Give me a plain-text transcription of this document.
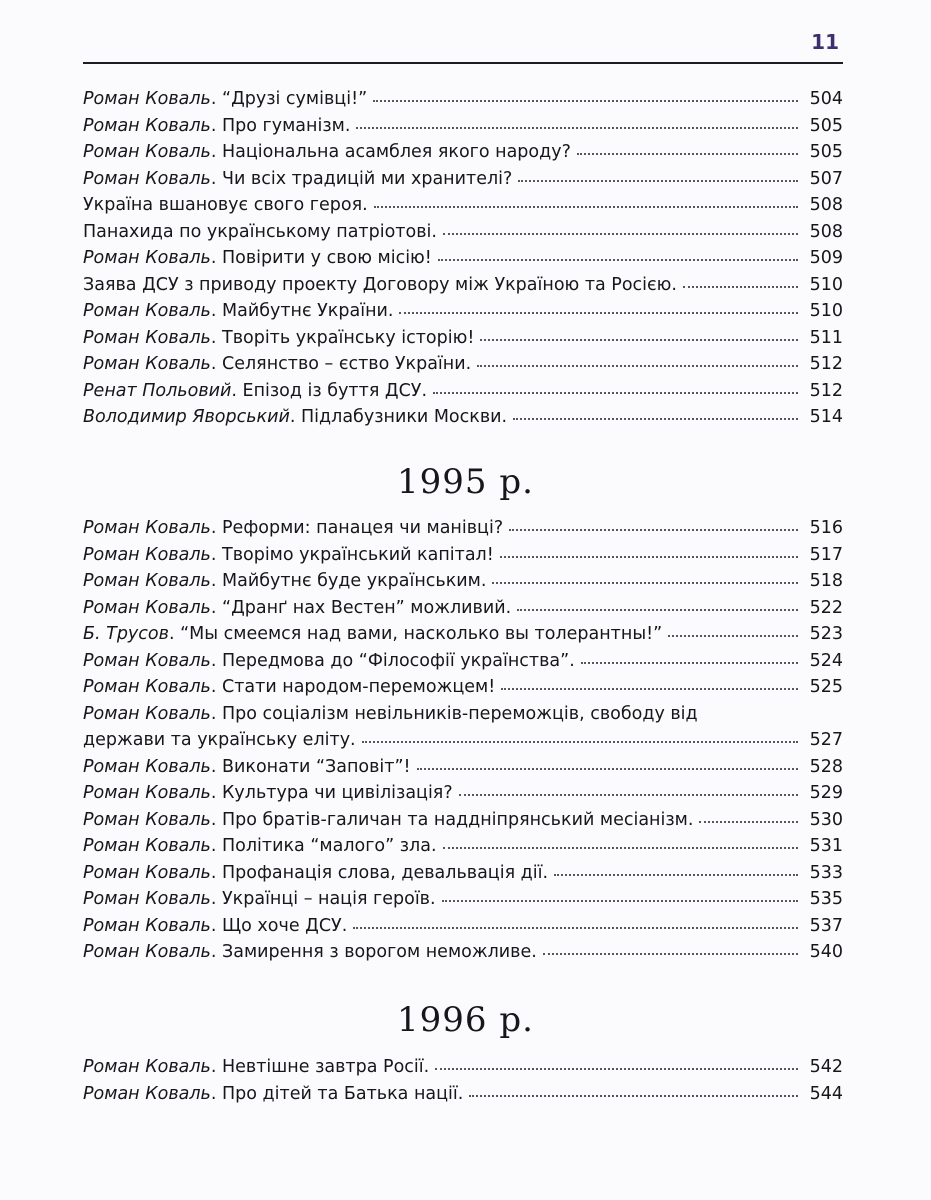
11
Роман Коваль. “Друзі сумівці!”	504
Роман Коваль. Про гуманізм.	505
Роман Коваль. Національна асамблея якого народу?	505
Роман Коваль. Чи всіх традицій ми хранителі?	507
Україна вшановує свого героя.	508
Панахида по українському патріотові.	508
Роман Коваль. Повірити у свою місію!	509
Заява ДСУ з приводу проекту Договору між Україною та Росією.	510
Роман Коваль. Майбутнє України.	510
Роман Коваль. Творіть українську історію!	511
Роман Коваль. Селянство – єство України.	512
Ренат Польовий. Епізод із буття ДСУ.	512
Володимир Яворський. Підлабузники Москви.	514
1995 р.
Роман Коваль. Реформи: панацея чи манівці?	516
Роман Коваль. Творімо український капітал!	517
Роман Коваль. Майбутнє буде українським.	518
Роман Коваль. “Дранґ нах Вестен” можливий.	522
Б. Трусов. “Мы смеемся над вами, насколько вы толерантны!”	523
Роман Коваль. Передмова до “Філософії українства”.	524
Роман Коваль. Стати народом-переможцем!	525
Роман Коваль. Про соціалізм невільників-переможців, свободу від
держави та українську еліту.	527
Роман Коваль. Виконати “Заповіт”!	528
Роман Коваль. Культура чи цивілізація?	529
Роман Коваль. Про братів-галичан та наддніпрянський месіанізм.	530
Роман Коваль. Політика “малого” зла.	531
Роман Коваль. Профанація слова, девальвація дії.	533
Роман Коваль. Українці – нація героїв.	535
Роман Коваль. Що хоче ДСУ.	537
Роман Коваль. Замирення з ворогом неможливе.	540
1996 р.
Роман Коваль. Невтішне завтра Росії.	542
Роман Коваль. Про дітей та Батька нації.	544
